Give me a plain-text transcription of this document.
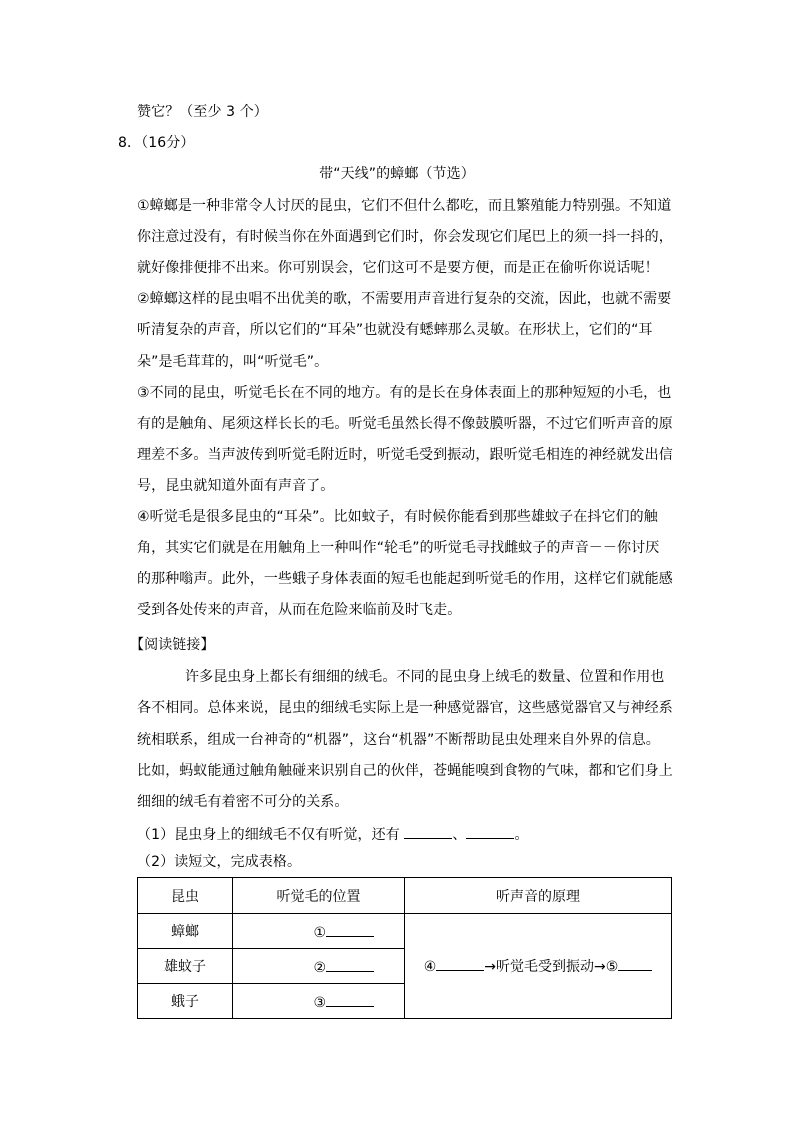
赞它？（至少 3 个）
8．（16分）
带“天线”的蟑螂（节选）
①蟑螂是一种非常令人讨厌的昆虫，它们不但什么都吃，而且繁殖能力特别强。不知道
你注意过没有，有时候当你在外面遇到它们时，你会发现它们尾巴上的须一抖一抖的，
就好像排便排不出来。你可别误会，它们这可不是要方便，而是正在偷听你说话呢！
②蟑螂这样的昆虫唱不出优美的歌，不需要用声音进行复杂的交流，因此，也就不需要
听清复杂的声音，所以它们的“耳朵”也就没有蟋蟀那么灵敏。在形状上，它们的“耳
朵”是毛茸茸的，叫“听觉毛”。
③不同的昆虫，听觉毛长在不同的地方。有的是长在身体表面上的那种短短的小毛，也
有的是触角、尾须这样长长的毛。听觉毛虽然长得不像鼓膜听器，不过它们听声音的原
理差不多。当声波传到听觉毛附近时，听觉毛受到振动，跟听觉毛相连的神经就发出信
号，昆虫就知道外面有声音了。
④听觉毛是很多昆虫的“耳朵”。比如蚊子，有时候你能看到那些雄蚊子在抖它们的触
角，其实它们就是在用触角上一种叫作“轮毛”的听觉毛寻找雌蚊子的声音－－你讨厌
的那种嗡声。此外，一些蛾子身体表面的短毛也能起到听觉毛的作用，这样它们就能感
受到各处传来的声音，从而在危险来临前及时飞走。
【阅读链接】
许多昆虫身上都长有细细的绒毛。不同的昆虫身上绒毛的数量、位置和作用也
各不相同。总体来说，昆虫的细绒毛实际上是一种感觉器官，这些感觉器官又与神经系
统相联系，组成一台神奇的“机器”，这台“机器”不断帮助昆虫处理来自外界的信息。
比如，蚂蚁能通过触角触碰来识别自己的伙伴，苍蝇能嗅到食物的气味，都和它们身上
细细的绒毛有着密不可分的关系。
（1）昆虫身上的细绒毛不仅有听觉，还有	、	。
（2）读短文，完成表格。
昆虫	听觉毛的位置	听声音的原理
蟑螂	①	④ →听觉毛受到振动→⑤
雄蚊子	②	
蛾子	③	
